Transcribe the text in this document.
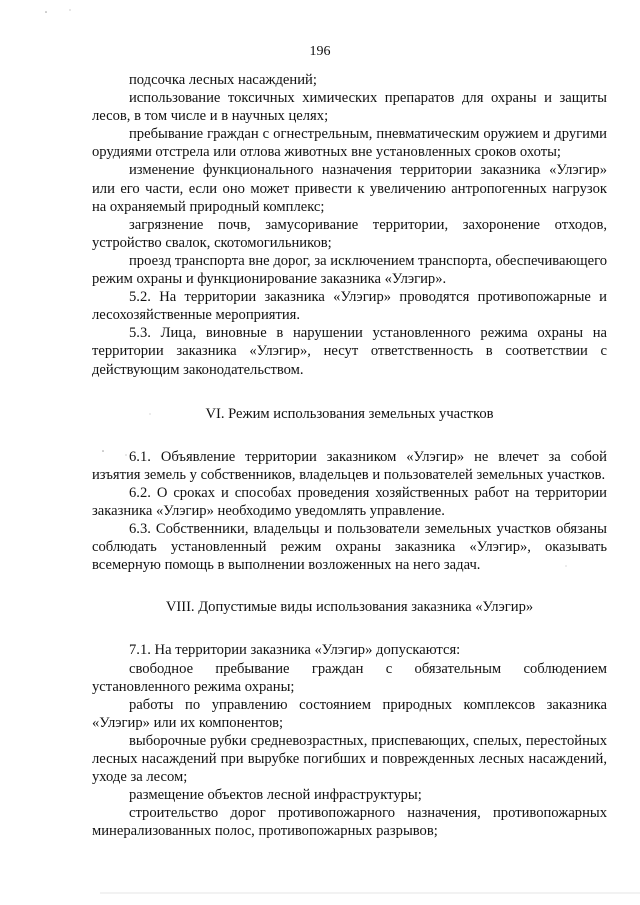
196

подсочка лесных насаждений;

использование токсичных химических препаратов для охраны и защиты лесов, в том числе и в научных целях;

пребывание граждан с огнестрельным, пневматическим оружием и другими орудиями отстрела или отлова животных вне установленных сроков охоты;

изменение функционального назначения территории заказника «Улэгир» или его части, если оно может привести к увеличению антропогенных нагрузок на охраняемый природный комплекс;

загрязнение почв, замусоривание территории, захоронение отходов, устройство свалок, скотомогильников;

проезд транспорта вне дорог, за исключением транспорта, обеспечивающего режим охраны и функционирование заказника «Улэгир».

5.2. На территории заказника «Улэгир» проводятся противопожарные и лесохозяйственные мероприятия.

5.3. Лица, виновные в нарушении установленного режима охраны на территории заказника «Улэгир», несут ответственность в соответствии с действующим законодательством.

VI. Режим использования земельных участков

6.1. Объявление территории заказником «Улэгир» не влечет за собой изъятия земель у собственников, владельцев и пользователей земельных участков.

6.2. О сроках и способах проведения хозяйственных работ на территории заказника «Улэгир» необходимо уведомлять управление.

6.3. Собственники, владельцы и пользователи земельных участков обязаны соблюдать установленный режим охраны заказника «Улэгир», оказывать всемерную помощь в выполнении возложенных на него задач.

VIII. Допустимые виды использования заказника «Улэгир»

7.1. На территории заказника «Улэгир» допускаются:

свободное пребывание граждан с обязательным соблюдением установленного режима охраны;

работы по управлению состоянием природных комплексов заказника «Улэгир» или их компонентов;

выборочные рубки средневозрастных, приспевающих, спелых, перестойных лесных насаждений при вырубке погибших и поврежденных лесных насаждений, уходе за лесом;

размещение объектов лесной инфраструктуры;

строительство дорог противопожарного назначения, противопожарных минерализованных полос, противопожарных разрывов;
